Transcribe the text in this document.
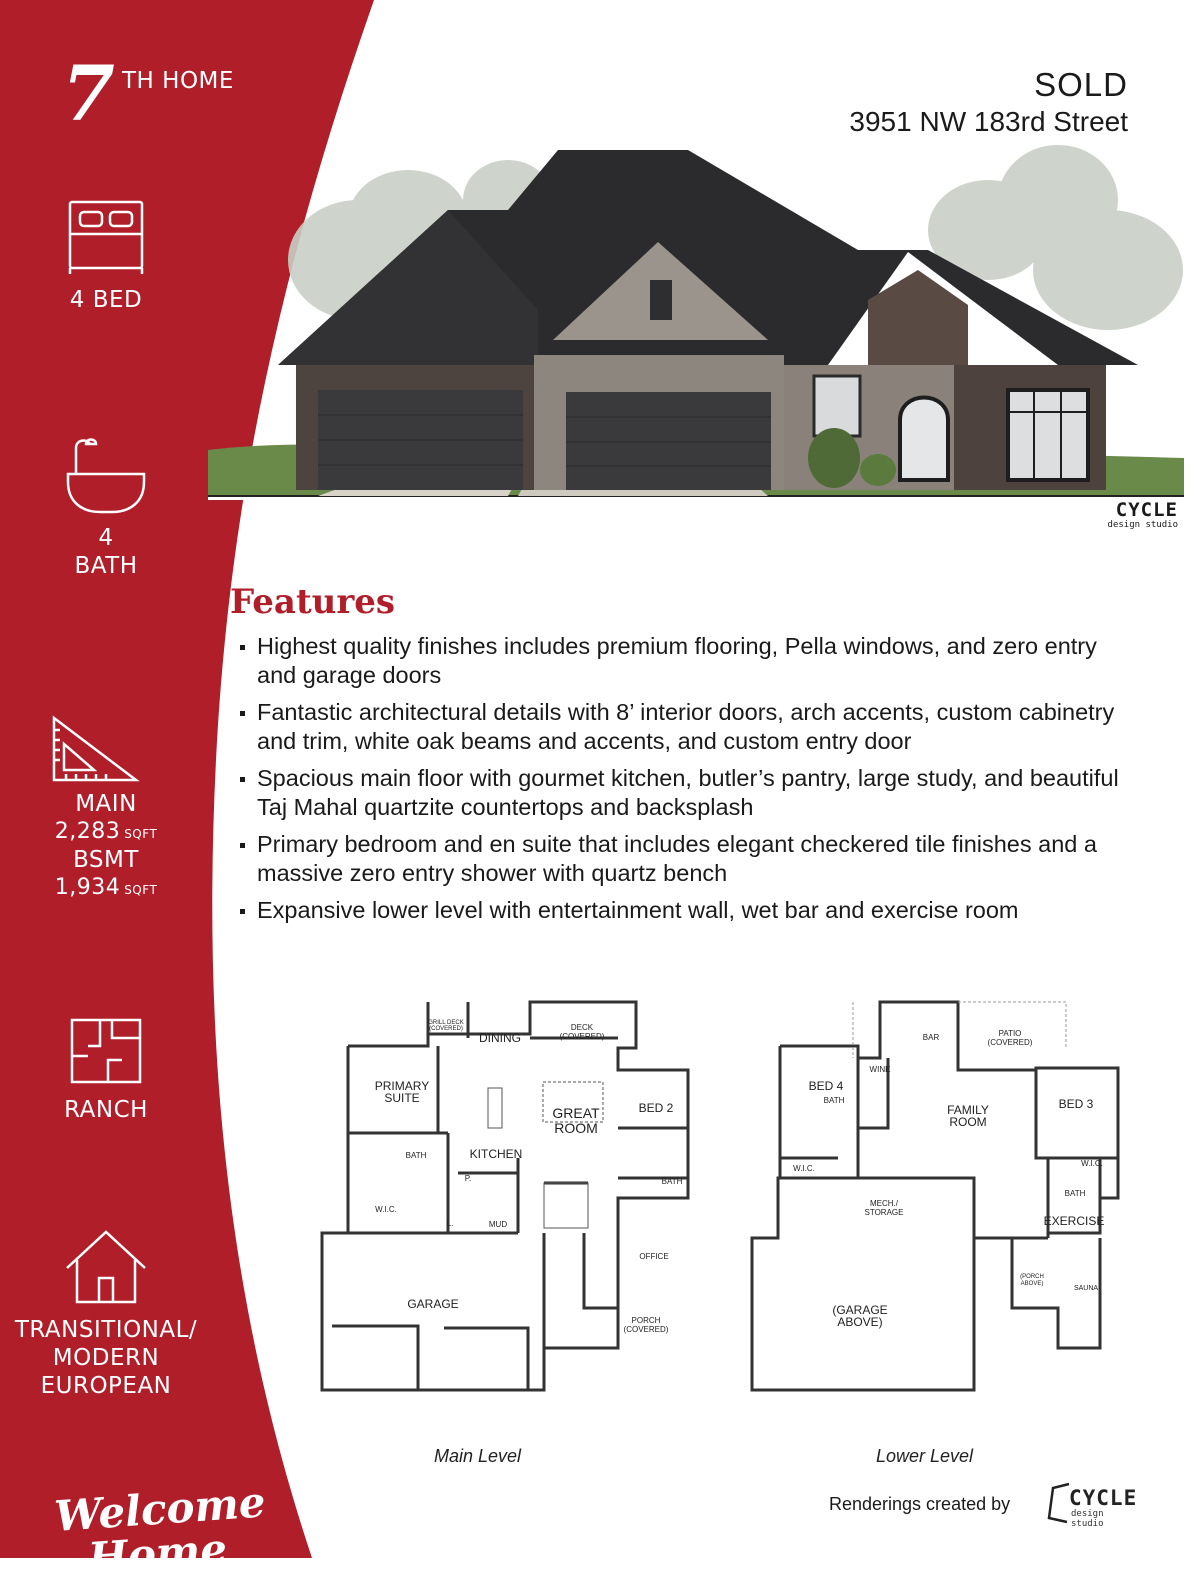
7 TH HOME
4 BED
4
BATH
MAIN
2,283 $^{SQFT}$
BSMT
1,934 $^{SQFT}$
RANCH
TRANSITIONAL/
MODERN
EUROPEAN
Welcome
Home
SOLD
3951 NW 183rd Street
CYCLE
design studio
Features
Highest quality finishes includes premium flooring, Pella windows, and zero entry and garage doors
Fantastic architectural details with 8’ interior doors, arch accents, custom cabinetry and trim, white oak beams and accents, and custom entry door
Spacious main floor with gourmet kitchen, butler’s pantry, large study, and beautiful Taj Mahal quartzite countertops and backsplash
Primary bedroom and en suite that includes elegant checkered tile finishes and a massive zero entry shower with quartz bench
Expansive lower level with entertainment wall, wet bar and exercise room
GRILL DECK
(COVERED)
DINING
PRIMARY
SUITE
GREAT
ROOM
BED 2
KITCHEN
GARAGE
DECK
(COVERED)
BATH
P.	BATH
W.I.C.
L.	MUD
OFFICE
PORCH
(COVERED)
BAR	PATIO
(COVERED)
WINE
BATH
W.I.C.
W.I.C.
BATH
MECH./
STORAGE
(PORCH
ABOVE)
SAUNA
BED 4
FAMILY
ROOM
BED 3
EXERCISE
(GARAGE
ABOVE)
Main Level	Lower Level
Renderings created by	CYCLE
design studio
